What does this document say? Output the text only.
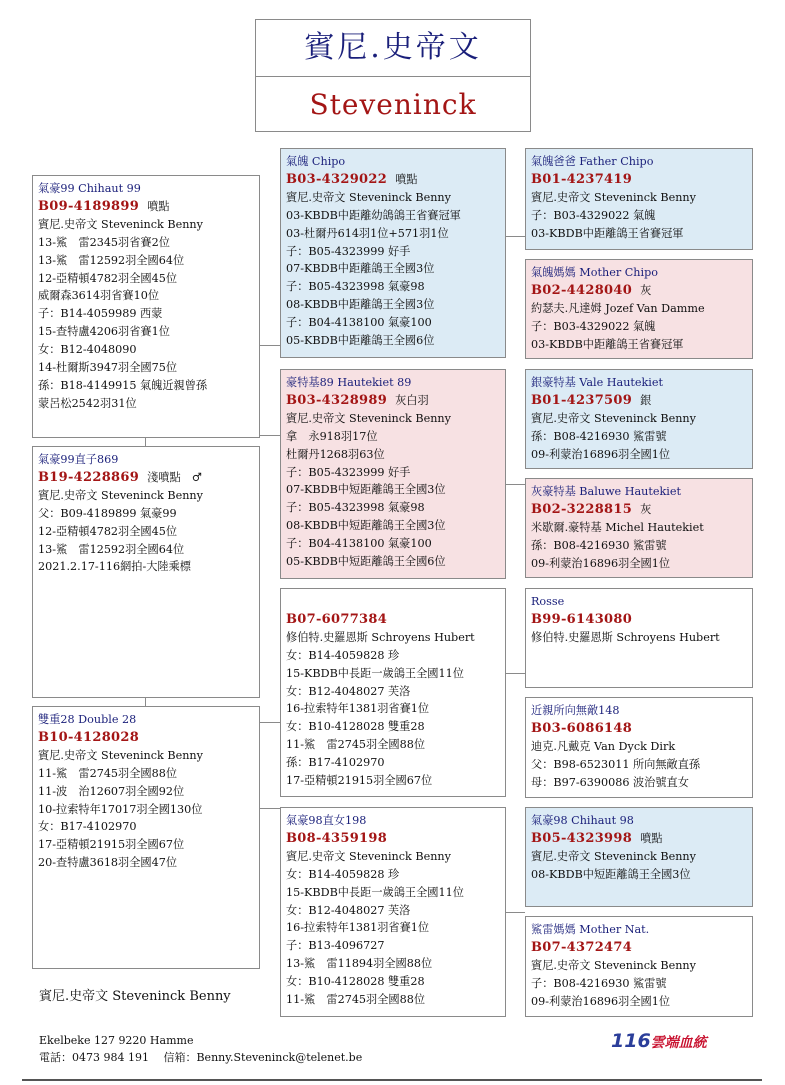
賓尼.史帝文
Steveninck
氣豪99 Chihaut 99
B09-4189899 噴點
賓尼.史帝文 Steveninck Benny
13-鯊　雷2345羽省賽2位
13-鯊　雷12592羽全國64位
12-亞精頓4782羽全國45位
威爾森3614羽省賽10位
子：B14-4059989 西蒙
15-查特盧4206羽省賽1位
女：B12-4048090
14-杜爾斯3947羽全國75位
孫：B18-4149915 氣魄近親曾孫
蒙呂松2542羽31位
氣豪99直子869
B19-4228869 淺噴點　♂
賓尼.史帝文 Steveninck Benny
父：B09-4189899 氣豪99
12-亞精頓4782羽全國45位
13-鯊　雷12592羽全國64位
2021.2.17-116網拍-大陸乘標
雙重28 Double 28
B10-4128028
賓尼.史帝文 Steveninck Benny
11-鯊　雷2745羽全國88位
11-波　治12607羽全國92位
10-拉索特年17017羽全國130位
女：B17-4102970
17-亞精頓21915羽全國67位
20-查特盧3618羽全國47位
氣魄 Chipo
B03-4329022 噴點
賓尼.史帝文 Steveninck Benny
03-KBDB中距離幼鴿鴿王省賽冠軍
03-杜爾丹614羽1位+571羽1位
子：B05-4323999 好手
07-KBDB中距離鴿王全國3位
子：B05-4323998 氣豪98
08-KBDB中距離鴿王全國3位
子：B04-4138100 氣豪100
05-KBDB中距離鴿王全國6位
豪特基89 Hautekiet 89
B03-4328989 灰白羽
賓尼.史帝文 Steveninck Benny
拿　永918羽17位
杜爾丹1268羽63位
子：B05-4323999 好手
07-KBDB中短距離鴿王全國3位
子：B05-4323998 氣豪98
08-KBDB中短距離鴿王全國3位
子：B04-4138100 氣豪100
05-KBDB中短距離鴿王全國6位
B07-6077384
修伯特.史羅恩斯 Schroyens Hubert
女：B14-4059828 珍
15-KBDB中長距一歲鴿王全國11位
女：B12-4048027 芙洛
16-拉索特年1381羽省賽1位
女：B10-4128028 雙重28
11-鯊　雷2745羽全國88位
孫：B17-4102970
17-亞精頓21915羽全國67位
氣豪98直女198
B08-4359198
賓尼.史帝文 Steveninck Benny
女：B14-4059828 珍
15-KBDB中長距一歲鴿王全國11位
女：B12-4048027 芙洛
16-拉索特年1381羽省賽1位
子：B13-4096727
13-鯊　雷11894羽全國88位
女：B10-4128028 雙重28
11-鯊　雷2745羽全國88位
氣魄爸爸 Father Chipo
B01-4237419
賓尼.史帝文 Steveninck Benny
子：B03-4329022 氣魄
03-KBDB中距離鴿王省賽冠軍
氣魄媽媽 Mother Chipo
B02-4428040 灰
約瑟夫.凡達姆 Jozef Van Damme
子：B03-4329022 氣魄
03-KBDB中距離鴿王省賽冠軍
銀豪特基 Vale Hautekiet
B01-4237509 銀
賓尼.史帝文 Steveninck Benny
孫：B08-4216930 鯊雷號
09-利蒙治16896羽全國1位
灰豪特基 Baluwe Hautekiet
B02-3228815 灰
米歇爾.豪特基 Michel Hautekiet
孫：B08-4216930 鯊雷號
09-利蒙治16896羽全國1位
Rosse
B99-6143080
修伯特.史羅恩斯 Schroyens Hubert
近親所向無敵148
B03-6086148
迪克.凡戴克 Van Dyck Dirk
父：B98-6523011 所向無敵直孫
母：B97-6390086 波治號直女
氣豪98 Chihaut 98
B05-4323998 噴點
賓尼.史帝文 Steveninck Benny
08-KBDB中短距離鴿王全國3位
鯊雷媽媽 Mother Nat.
B07-4372474
賓尼.史帝文 Steveninck Benny
子：B08-4216930 鯊雷號
09-利蒙治16896羽全國1位
賓尼.史帝文 Steveninck Benny
Ekelbeke 127 9220 Hamme
電話：0473 984 191　 信箱：Benny.Steveninck@telenet.be
116雲端血統
